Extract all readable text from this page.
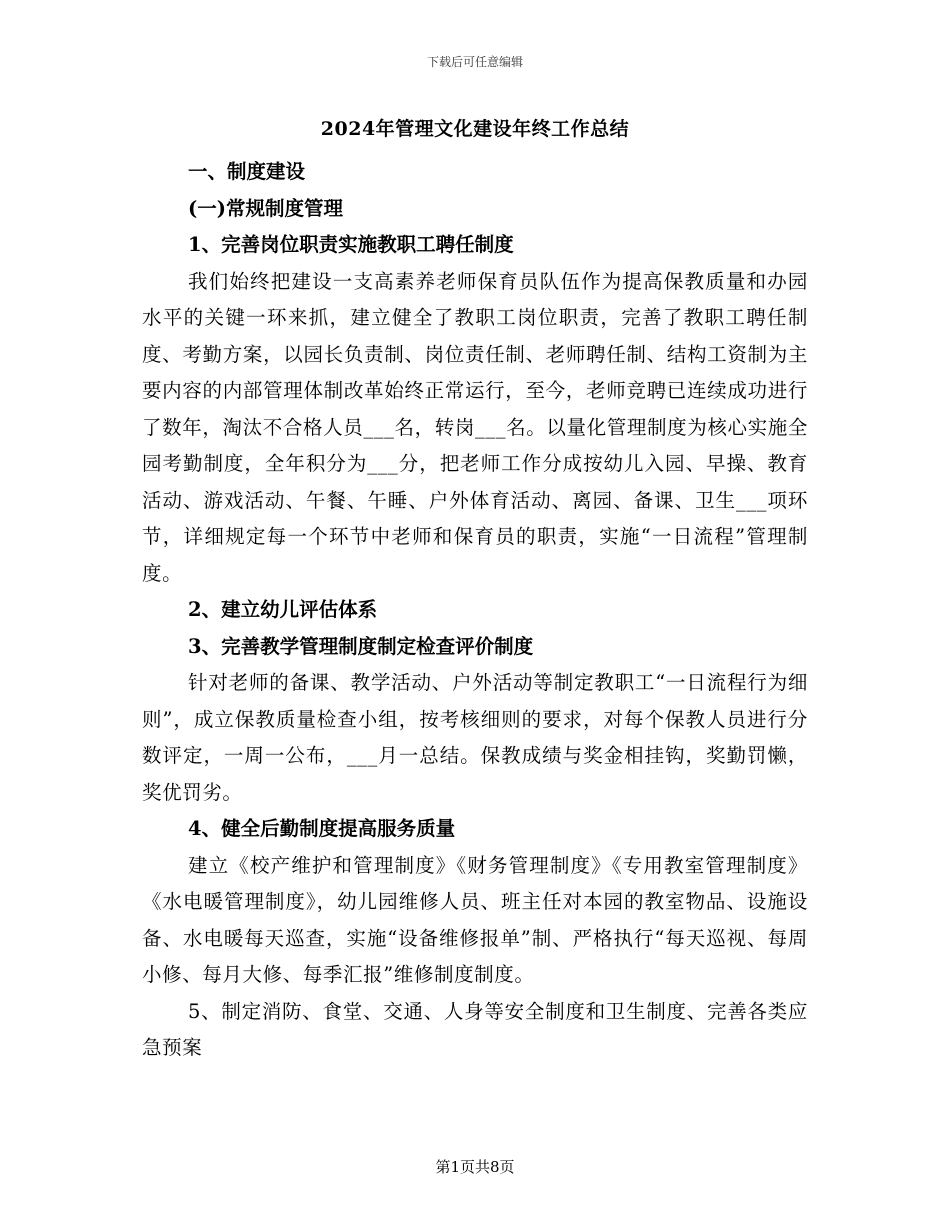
下载后可任意编辑
2024年管理文化建设年终工作总结

一、制度建设

(一)常规制度管理

1、完善岗位职责实施教职工聘任制度

我们始终把建设一支高素养老师保育员队伍作为提高保教质量和办园水平的关键一环来抓，建立健全了教职工岗位职责，完善了教职工聘任制度、考勤方案，以园长负责制、岗位责任制、老师聘任制、结构工资制为主要内容的内部管理体制改革始终正常运行，至今，老师竞聘已连续成功进行了数年，淘汰不合格人员___名，转岗___名。以量化管理制度为核心实施全园考勤制度，全年积分为___分，把老师工作分成按幼儿入园、早操、教育活动、游戏活动、午餐、午睡、户外体育活动、离园、备课、卫生___项环节，详细规定每一个环节中老师和保育员的职责，实施“一日流程”管理制度。

2、建立幼儿评估体系

3、完善教学管理制度制定检查评价制度

针对老师的备课、教学活动、户外活动等制定教职工“一日流程行为细则”，成立保教质量检查小组，按考核细则的要求，对每个保教人员进行分数评定，一周一公布，___月一总结。保教成绩与奖金相挂钩，奖勤罚懒，奖优罚劣。

4、健全后勤制度提高服务质量

建立《校产维护和管理制度》《财务管理制度》《专用教室管理制度》《水电暖管理制度》，幼儿园维修人员、班主任对本园的教室物品、设施设备、水电暖每天巡查，实施“设备维修报单”制、严格执行“每天巡视、每周小修、每月大修、每季汇报”维修制度制度。

5、制定消防、食堂、交通、人身等安全制度和卫生制度、完善各类应急预案

第1页共8页
